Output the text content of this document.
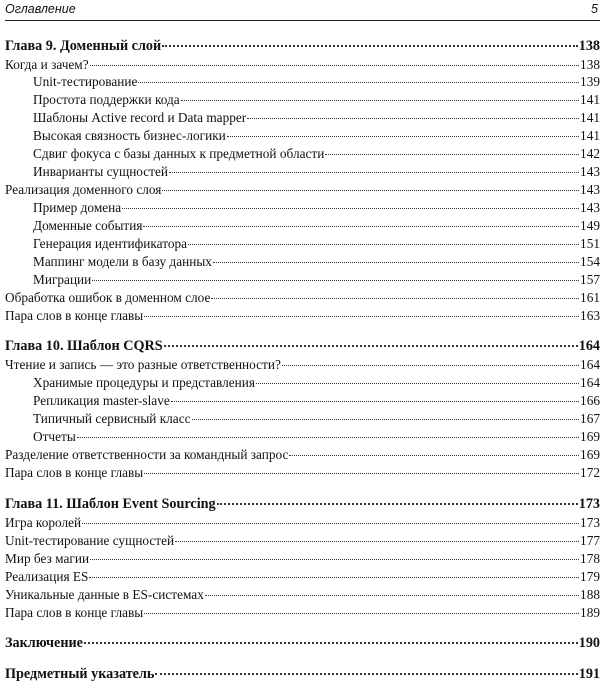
Оглавление	5
Глава 9. Доменный слой	138
Когда и зачем?	138
Unit-тестирование	139
Простота поддержки кода	141
Шаблоны Active record и Data mapper	141
Высокая связность бизнес-логики	141
Сдвиг фокуса с базы данных к предметной области	142
Инварианты сущностей	143
Реализация доменного слоя	143
Пример домена	143
Доменные события	149
Генерация идентификатора	151
Маппинг модели в базу данных	154
Миграции	157
Обработка ошибок в доменном слое	161
Пара слов в конце главы	163
Глава 10. Шаблон CQRS	164
Чтение и запись — это разные ответственности?	164
Хранимые процедуры и представления	164
Репликация master-slave	166
Типичный сервисный класс	167
Отчеты	169
Разделение ответственности за командный запрос	169
Пара слов в конце главы	172
Глава 11. Шаблон Event Sourcing	173
Игра королей	173
Unit-тестирование сущностей	177
Мир без магии	178
Реализация ES	179
Уникальные данные в ES-системах	188
Пара слов в конце главы	189
Заключение	190
Предметный указатель	191
